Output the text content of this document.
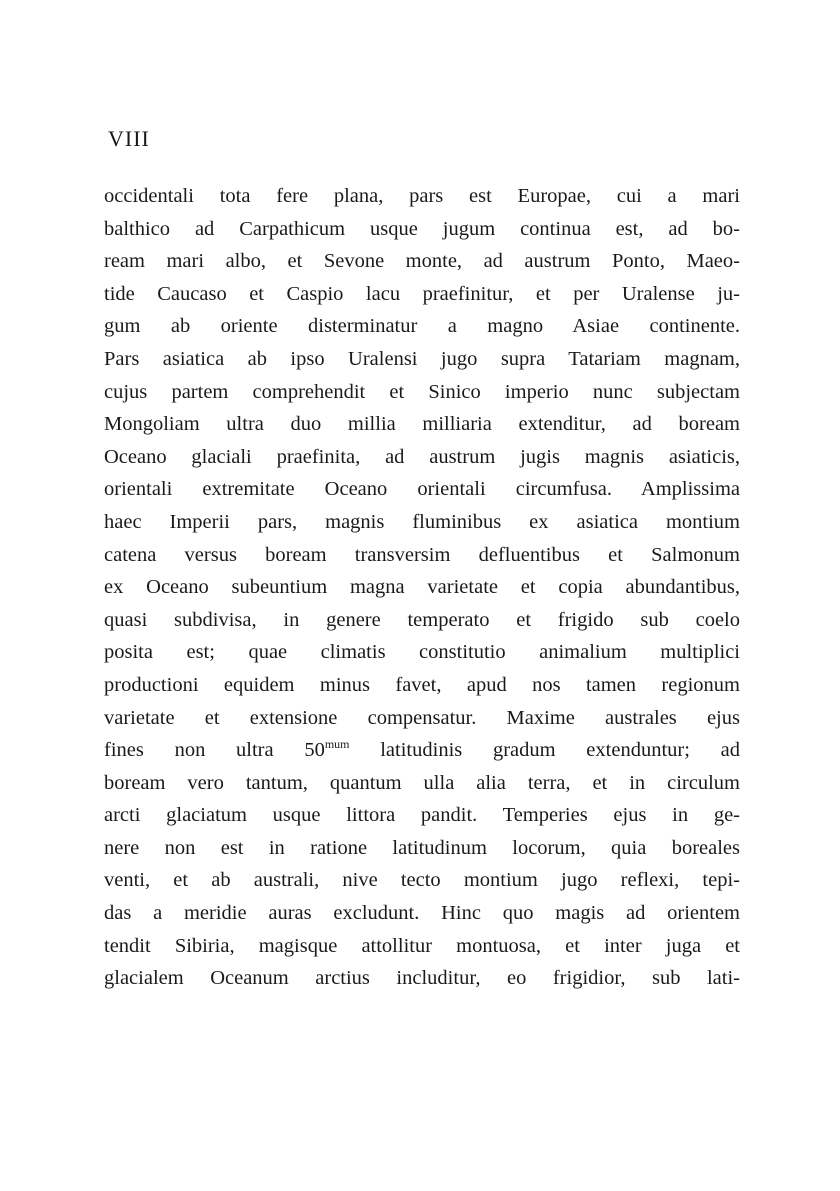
VIII
occidentali tota fere plana, pars est Europae, cui a mari
balthico ad Carpathicum usque jugum continua est, ad bo-
ream mari albo, et Sevone monte, ad austrum Ponto, Maeo-
tide Caucaso et Caspio lacu praefinitur, et per Uralense ju-
gum ab oriente disterminatur a magno Asiae continente.
Pars asiatica ab ipso Uralensi jugo supra Tatariam magnam,
cujus partem comprehendit et Sinico imperio nunc subjectam
Mongoliam ultra duo millia milliaria extenditur, ad boream
Oceano glaciali praefinita, ad austrum jugis magnis asiaticis,
orientali extremitate Oceano orientali circumfusa. Amplissima
haec Imperii pars, magnis fluminibus ex asiatica montium
catena versus boream transversim defluentibus et Salmonum
ex Oceano subeuntium magna varietate et copia abundantibus,
quasi subdivisa, in genere temperato et frigido sub coelo
posita est; quae climatis constitutio animalium multiplici
productioni equidem minus favet, apud nos tamen regionum
varietate et extensione compensatur. Maxime australes ejus
fines non ultra $50^{mum}$ latitudinis gradum extenduntur; ad
boream vero tantum, quantum ulla alia terra, et in circulum
arcti glaciatum usque littora pandit. Temperies ejus in ge-
nere non est in ratione latitudinum locorum, quia boreales
venti, et ab australi, nive tecto montium jugo reflexi, tepi-
das a meridie auras excludunt. Hinc quo magis ad orientem
tendit Sibiria, magisque attollitur montuosa, et inter juga et
glacialem Oceanum arctius includitur, eo frigidior, sub lati-
